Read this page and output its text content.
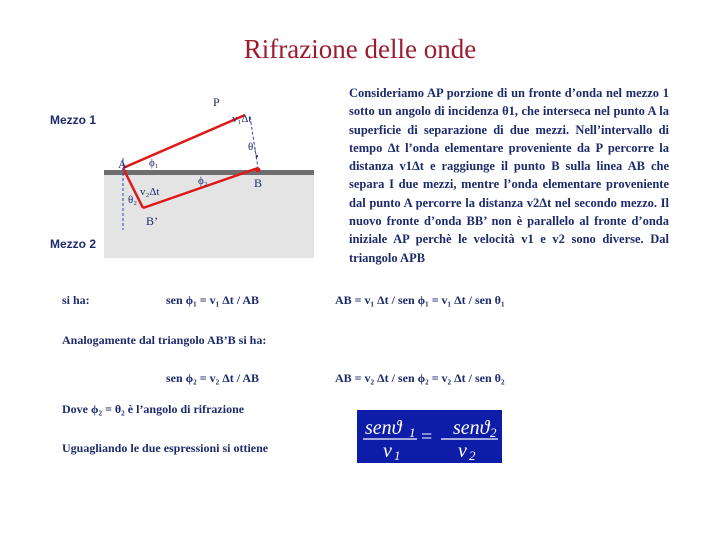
Rifrazione delle onde
Mezzo 1
Mezzo 2
P
A
B
B’
v₁Δt
v₂Δt
θ₁
θ₂
ϕ₁
ϕ₂
•

Consideriamo AP porzione di un fronte d’onda nel mezzo 1 sotto un angolo di incidenza θ1, che interseca nel punto A la superficie di separazione di due mezzi. Nell’intervallo di tempo Δt l’onda elementare proveniente da P percorre la distanza v1Δt e raggiunge il punto B sulla linea AB che separa I due mezzi, mentre l’onda elementare proveniente dal punto A percorre la distanza v2Δt nel secondo mezzo. Il nuovo fronte d’onda BB’ non è parallelo al fronte d’onda iniziale AP perchè le velocità v1 e v2 sono diverse. Dal triangolo APB

si ha:	sen ϕ₁ = v₁ Δt / AB	AB = v₁ Δt / sen ϕ₁ = v₁ Δt / sen θ₁
Analogamente dal triangolo AB’B si ha:
sen ϕ₂ = v₂ Δt / AB	AB = v₂ Δt / sen ϕ₂ = v₂ Δt / sen θ₂
Dove ϕ₂ = θ₂ è l’angolo di rifrazione
Uguagliando le due espressioni si ottiene
senϑ 1
v 1
senϑ 2
v 2
=
